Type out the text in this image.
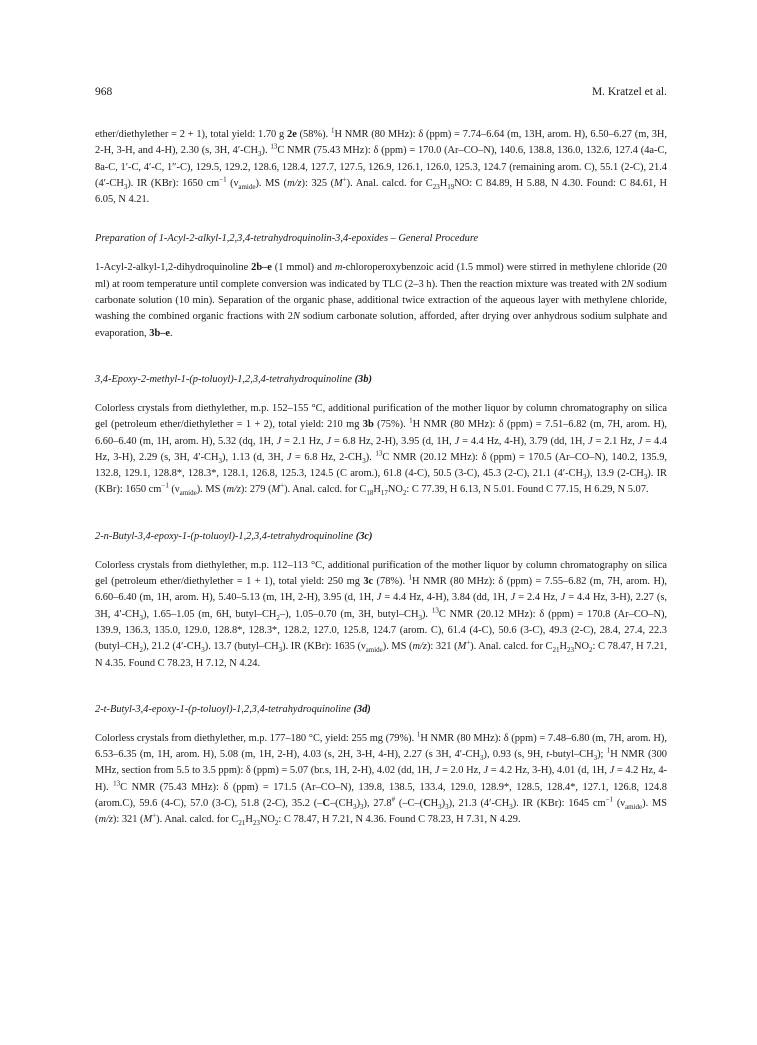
968	M. Kratzel et al.

ether/diethylether = 2 + 1), total yield: 1.70 g 2e (58%). $^1$H NMR (80 MHz): δ (ppm) = 7.74–6.64 (m, 13H, arom. H), 6.50–6.27 (m, 3H, 2-H, 3-H, and 4-H), 2.30 (s, 3H, $4'-CH_3$). $^{13}$C NMR (75.43 MHz): δ (ppm) = 170.0 (Ar–CO–N), 140.6, 138.8, 136.0, 132.6, 127.4 (4a-C, 8a-C, 1′-C, 4′-C, 1″-C), 129.5, 129.2, 128.6, 128.4, 127.7, 127.5, 126.9, 126.1, 126.0, 125.3, 124.7 (remaining arom. C), 55.1 (2-C), 21.4 $(4'-CH_3)$. IR (KBr): 1650 $cm^{-1}$ $(\nu_{amide})$. MS (m/z): 325 (M+). Anal. calcd. for $C_{23}H_{19}NO$: C 84.89, H 5.88, N 4.30. Found: C 84.61, H 6.05, N 4.21.

Preparation of 1-Acyl-2-alkyl-1,2,3,4-tetrahydroquinolin-3,4-epoxides – General Procedure

1-Acyl-2-alkyl-1,2-dihydroquinoline 2b–e (1 mmol) and m-chloroperoxybenzoic acid (1.5 mmol) were stirred in methylene chloride (20 ml) at room temperature until complete conversion was indicated by TLC (2–3 h). Then the reaction mixture was treated with 2N sodium carbonate solution (10 min). Separation of the organic phase, additional twice extraction of the aqueous layer with methylene chloride, washing the combined organic fractions with 2N sodium carbonate solution, afforded, after drying over anhydrous sodium sulphate and evaporation, 3b–e.

3,4-Epoxy-2-methyl-1-(p-toluoyl)-1,2,3,4-tetrahydroquinoline (3b)

Colorless crystals from diethylether, m.p. 152–155 °C, additional purification of the mother liquor by column chromatography on silica gel (petroleum ether/diethylether = 1 + 2), total yield: 210 mg 3b (75%). $^1$H NMR (80 MHz): δ (ppm) = 7.51–6.82 (m, 7H, arom. H), 6.60–6.40 (m, 1H, arom. H), 5.32 (dq, 1H, J = 2.1 Hz, J = 6.8 Hz, 2-H), 3.95 (d, 1H, J = 4.4 Hz, 4-H), 3.79 (dd, 1H, J = 2.1 Hz, J = 4.4 Hz, 3-H), 2.29 (s, 3H, $4'-CH_3$), 1.13 (d, 3H, J = 6.8 Hz, $2-CH_3$). $^{13}$C NMR (20.12 MHz): δ (ppm) = 170.5 (Ar–CO–N), 140.2, 135.9, 132.8, 129.1, 128.8*, 128.3*, 128.1, 126.8, 125.3, 124.5 (C arom.), 61.8 (4-C), 50.5 (3-C), 45.3 (2-C), 21.1 $(4'-CH_3)$, 13.9 $(2-CH_3)$. IR (KBr): 1650 $cm^{-1}$ $(\nu_{amide})$. MS (m/z): 279 (M+). Anal. calcd. for $C_{18}H_{17}NO_2$: C 77.39, H 6.13, N 5.01. Found C 77.15, H 6.29, N 5.07.

2-n-Butyl-3,4-epoxy-1-(p-toluoyl)-1,2,3,4-tetrahydroquinoline (3c)

Colorless crystals from diethylether, m.p. 112–113 °C, additional purification of the mother liquor by column chromatography on silica gel (petroleum ether/diethylether = 1 + 1), total yield: 250 mg 3c (78%). $^1$H NMR (80 MHz): δ (ppm) = 7.55–6.82 (m, 7H, arom. H), 6.60–6.40 (m, 1H, arom. H), 5.40–5.13 (m, 1H, 2-H), 3.95 (d, 1H, J = 4.4 Hz, 4-H), 3.84 (dd, 1H, J = 2.4 Hz, J = 4.4 Hz, 3-H), 2.27 (s, 3H, $4'-CH_3$), 1.65–1.05 (m, 6H, butyl–$CH_2-$), 1.05–0.70 (m, 3H, butyl–$CH_3$). $^{13}$C NMR (20.12 MHz): δ (ppm) = 170.8 (Ar–CO–N), 139.9, 136.3, 135.0, 129.0, 128.8*, 128.3*, 128.2, 127.0, 125.8, 124.7 (arom. C), 61.4 (4-C), 50.6 (3-C), 49.3 (2-C), 28.4, 27.4, 22.3 $(butyl-CH_2)$, 21.2 $(4'-CH_3)$. 13.7 $(butyl-CH_3)$. IR (KBr): 1635 $(\nu_{amide})$. MS (m/z): 321 (M+). Anal. calcd. for $C_{21}H_{23}NO_2$: C 78.47, H 7.21, N 4.35. Found C 78.23, H 7.12, N 4.24.

2-t-Butyl-3,4-epoxy-1-(p-toluoyl)-1,2,3,4-tetrahydroquinoline (3d)

Colorless crystals from diethylether, m.p. 177–180 °C, yield: 255 mg (79%). $^1$H NMR (80 MHz): δ (ppm) = 7.48–6.80 (m, 7H, arom. H), 6.53–6.35 (m, 1H, arom. H), 5.08 (m, 1H, 2-H), 4.03 (s, 2H, 3-H, 4-H), 2.27 (s 3H, $4'-CH_3$), 0.93 (s, 9H, $t-butyl-CH_3$); $^1$H NMR (300 MHz, section from 5.5 to 3.5 ppm): δ (ppm) = 5.07 (br.s, 1H, 2-H), 4.02 (dd, 1H, J = 2.0 Hz, J = 4.2 Hz, 3-H), 4.01 (d, 1H, J = 4.2 Hz, 4-H). $^{13}$C NMR (75.43 MHz): δ (ppm) = 171.5 (Ar–CO–N), 139.8, 138.5, 133.4, 129.0, 128.9*, 128.5, 128.4*, 127.1, 126.8, 124.8 (arom.C), 59.6 (4-C), 57.0 (3-C), 51.8 (2-C), 35.2 $(-C-(CH_3)_3)$, 27.8# $(-C-(CH_3)_3)$, 21.3 $(4'-CH_3)$. IR (KBr): 1645 $cm^{-1}$ $(\nu_{amide})$. MS (m/z): 321 (M+). Anal. calcd. for $C_{21}H_{23}NO_2$: C 78.47, H 7.21, N 4.36. Found C 78.23, H 7.31, N 4.29.
